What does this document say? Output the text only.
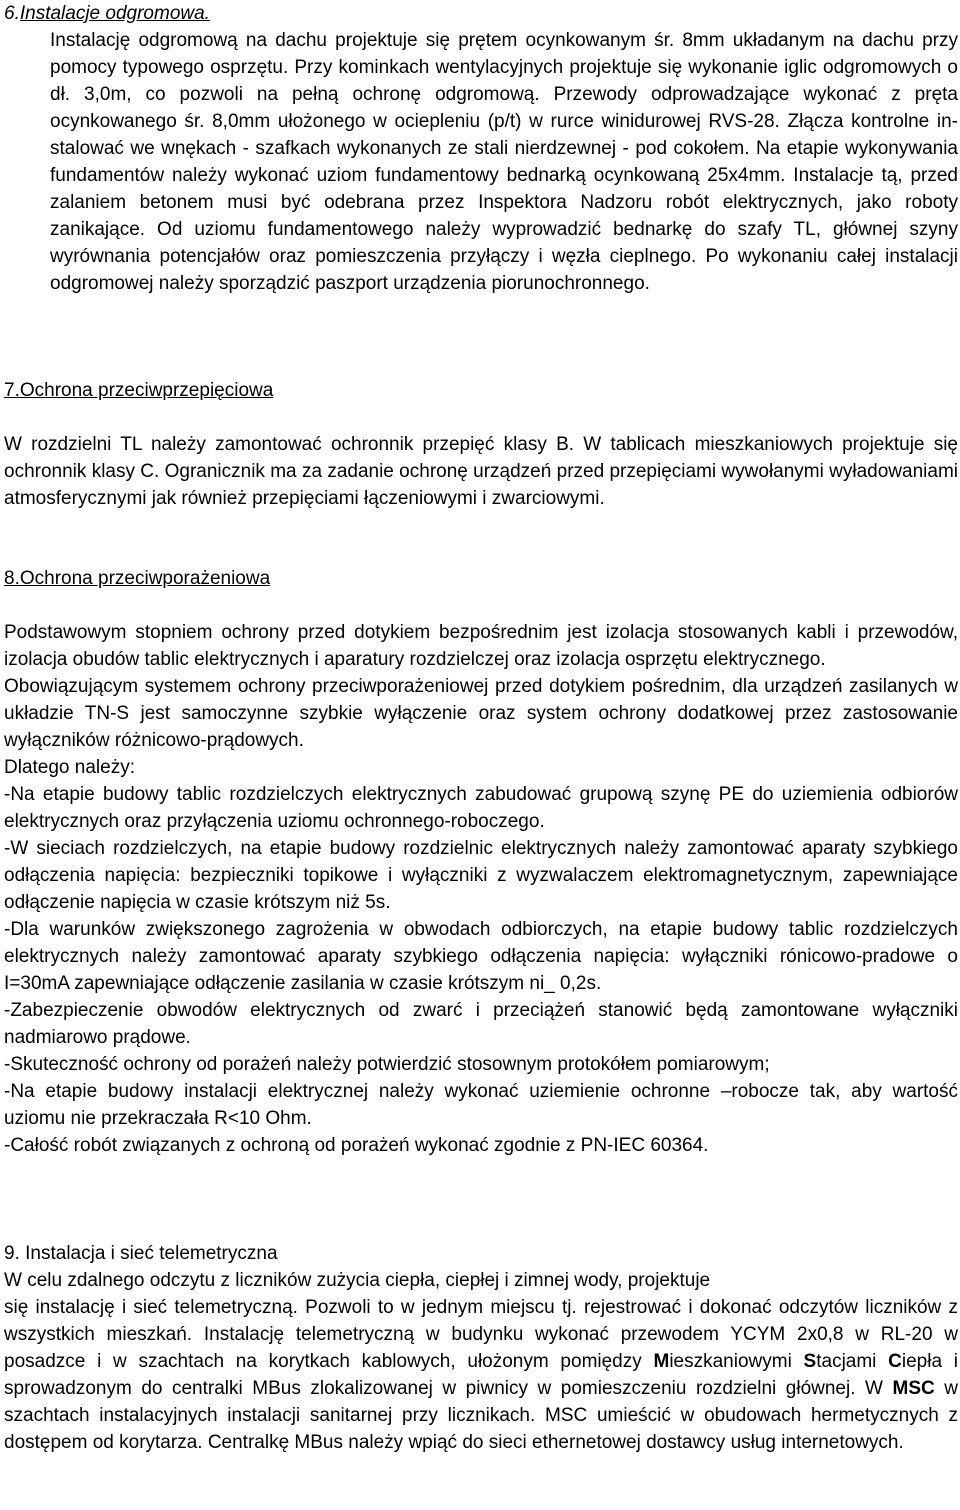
6.Instalacje odgromowa.

Instalację odgromową na dachu projektuje się prętem ocynkowanym śr. 8mm układanym na dachu przy pomocy typowego osprzętu. Przy kominkach wentylacyjnych projektuje się wykonanie iglic odgromowych o dł. 3,0m, co pozwoli na pełną ochronę odgromową. Przewody odprowadzające wykonać z pręta ocynkowanego śr. 8,0mm ułożonego w ociepleniu (p/t) w rurce winidurowej RVS-28. Złącza kontrolne in- stalować we wnękach - szafkach wykonanych ze stali nierdzewnej - pod cokołem. Na etapie wykonywania fundamentów należy wykonać uziom fundamentowy bednarką ocynkowaną 25x4mm. Instalacje tą, przed zalaniem betonem musi być odebrana przez Inspektora Nadzoru robót elektrycznych, jako roboty zanikające. Od uziomu fundamentowego należy wyprowadzić bednarkę do szafy TL, głównej szyny wyrównania potencjałów oraz pomieszczenia przyłączy i węzła cieplnego. Po wykonaniu całej instalacji odgromowej należy sporządzić paszport urządzenia piorunochronnego.

7.Ochrona przeciwprzepięciowa

W rozdzielni TL należy zamontować ochronnik przepięć klasy B. W tablicach mieszkaniowych projektuje się ochronnik klasy C. Ogranicznik ma za zadanie ochronę urządzeń przed przepięciami wywołanymi wyładowaniami atmosferycznymi jak również przepięciami łączeniowymi i zwarciowymi.

8.Ochrona przeciwporażeniowa

Podstawowym stopniem ochrony przed dotykiem bezpośrednim jest izolacja stosowanych kabli i przewodów, izolacja obudów tablic elektrycznych i aparatury rozdzielczej oraz izolacja osprzętu elektrycznego.

Obowiązującym systemem ochrony przeciwporażeniowej przed dotykiem pośrednim, dla urządzeń zasilanych w układzie TN-S jest samoczynne szybkie wyłączenie oraz system ochrony dodatkowej przez zastosowanie wyłączników różnicowo-prądowych.

Dlatego należy:

-Na etapie budowy tablic rozdzielczych elektrycznych zabudować grupową szynę PE do uziemienia odbiorów elektrycznych oraz przyłączenia uziomu ochronnego-roboczego.

-W sieciach rozdzielczych, na etapie budowy rozdzielnic elektrycznych należy zamontować aparaty szybkiego odłączenia napięcia: bezpieczniki topikowe i wyłączniki z wyzwalaczem elektromagnetycznym, zapewniające odłączenie napięcia w czasie krótszym niż 5s.

-Dla warunków zwiększonego zagrożenia w obwodach odbiorczych, na etapie budowy tablic rozdzielczych elektrycznych należy zamontować aparaty szybkiego odłączenia napięcia: wyłączniki rónicowo-pradowe o I=30mA zapewniające odłączenie zasilania w czasie krótszym ni_ 0,2s.

-Zabezpieczenie obwodów elektrycznych od zwarć i przeciążeń stanowić będą zamontowane wyłączniki nadmiarowo prądowe.

-Skuteczność ochrony od porażeń należy potwierdzić stosownym protokółem pomiarowym;

-Na etapie budowy instalacji elektrycznej należy wykonać uziemienie ochronne –robocze tak, aby wartość uziomu nie przekraczała R<10 Ohm.

-Całość robót związanych z ochroną od porażeń wykonać zgodnie z PN-IEC 60364.

9. Instalacja i sieć telemetryczna

W celu zdalnego odczytu z liczników zużycia ciepła, ciepłej i zimnej wody, projektuje

się instalację i sieć telemetryczną. Pozwoli to w jednym miejscu tj. rejestrować i dokonać odczytów liczników z wszystkich mieszkań. Instalację telemetryczną w budynku wykonać przewodem YCYM 2x0,8 w RL-20 w posadzce i w szachtach na korytkach kablowych, ułożonym pomiędzy Mieszkaniowymi Stacjami Ciepła i sprowadzonym do centralki MBus zlokalizowanej w piwnicy w pomieszczeniu rozdzielni głównej. W MSC w szachtach instalacyjnych instalacji sanitarnej przy licznikach. MSC umieścić w obudowach hermetycznych z dostępem od korytarza. Centralkę MBus należy wpiąć do sieci ethernetowej dostawcy usług internetowych.
